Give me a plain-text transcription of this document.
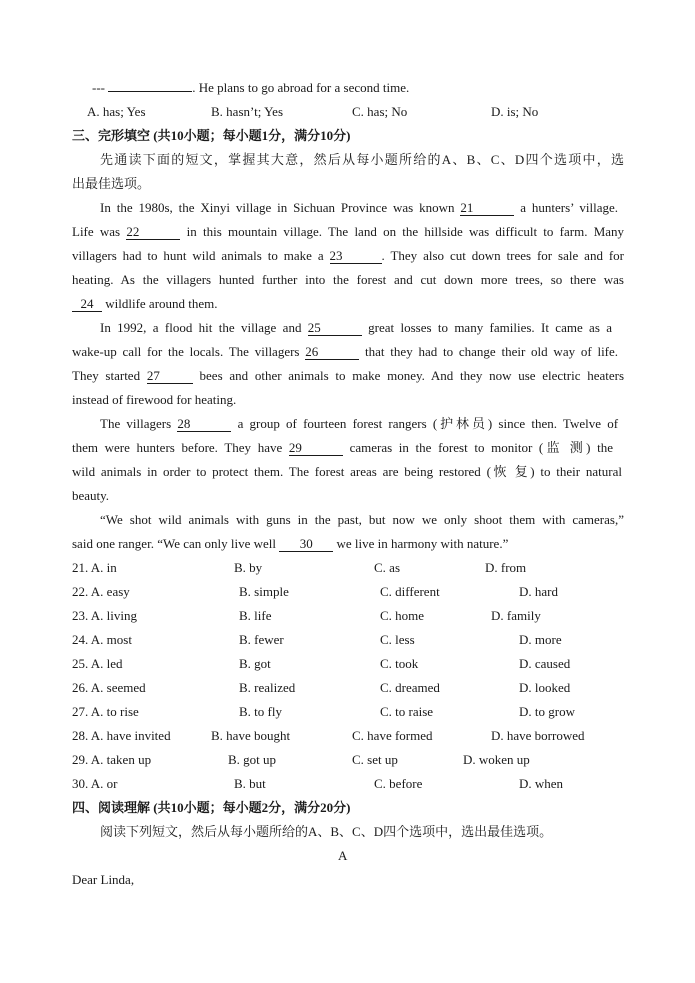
---	. He plans to go abroad for a second time.
A. has; Yes	B. hasn’t; Yes	C. has; No	D. is; No
三、完形填空 (共10小题；每小题1分，满分10分)
先通读下面的短文，掌握其大意，然后从每小题所给的A、B、C、D四个选项中，选
出最佳选项。
In the 1980s, the Xinyi village in Sichuan Province was known 21	a hunters’ village.
Life was 22	in this mountain village. The land on the hillside was difficult to farm. Many
villagers had to hunt wild animals to make a 23	. They also cut down trees for sale and for
heating. As the villagers hunted further into the forest and cut down more trees, so there was
24 wildlife around them.
In 1992, a flood hit the village and 25	great losses to many families. It came as a
wake-up call for the locals. The villagers 26	that they had to change their old way of life.
They started 27	bees and other animals to make money. And they now use electric heaters
instead of firewood for heating.
The villagers 28	a group of fourteen forest rangers (护林员) since then. Twelve of
them were hunters before. They have 29	cameras in the forest to monitor (监 测) the
wild animals in order to protect them. The forest areas are being restored (恢 复) to their natural
beauty.
“We shot wild animals with guns in the past, but now we only shoot them with cameras,”
said one ranger. “We can only live well 30 we live in harmony with nature.”
21. A. in	B. by	C. as	D. from
22. A. easy	B. simple	C. different	D. hard
23. A. living	B. life	C. home	D. family
24. A. most	B. fewer	C. less	D. more
25. A. led	B. got	C. took	D. caused
26. A. seemed	B. realized	C. dreamed	D. looked
27. A. to rise	B. to fly	C. to raise	D. to grow
28. A. have invited	B. have bought	C. have formed	D. have borrowed
29. A. taken up	B. got up	C. set up	D. woken up
30. A. or	B. but	C. before	D. when
四、阅读理解 (共10小题；每小题2分，满分20分)
阅读下列短文，然后从每小题所给的A、B、C、D四个选项中，选出最佳选项。
A
Dear Linda,
